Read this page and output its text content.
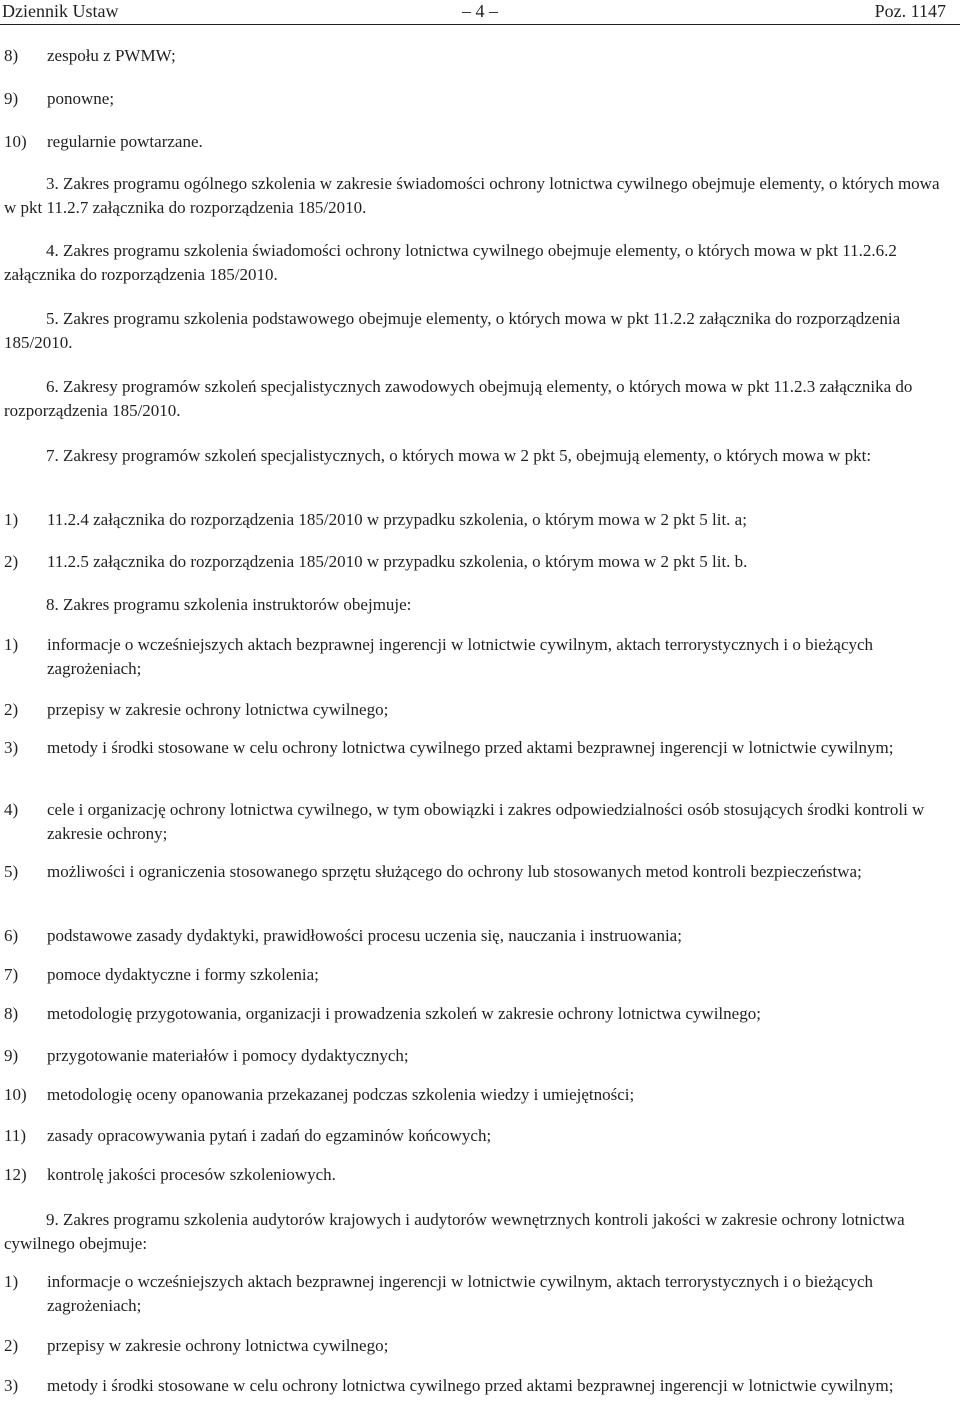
– 4 –
Dziennik Ustaw	Poz. 1147
8) zespołu z PWMW;
9) ponowne;
10) regularnie powtarzane.
3. Zakres programu ogólnego szkolenia w zakresie świadomości ochrony lotnictwa cywilnego obejmuje elementy, o których mowa w pkt 11.2.7 załącznika do rozporządzenia 185/2010.
4. Zakres programu szkolenia świadomości ochrony lotnictwa cywilnego obejmuje elementy, o których mowa w pkt 11.2.6.2 załącznika do rozporządzenia 185/2010.
5. Zakres programu szkolenia podstawowego obejmuje elementy, o których mowa w pkt 11.2.2 załącznika do rozporządzenia 185/2010.
6. Zakresy programów szkoleń specjalistycznych zawodowych obejmują elementy, o których mowa w pkt 11.2.3 załącznika do rozporządzenia 185/2010.
7. Zakresy programów szkoleń specjalistycznych, o których mowa w 2 pkt 5, obejmują elementy, o których mowa w pkt:
1) 11.2.4 załącznika do rozporządzenia 185/2010 w przypadku szkolenia, o którym mowa w 2 pkt 5 lit. a;
2) 11.2.5 załącznika do rozporządzenia 185/2010 w przypadku szkolenia, o którym mowa w 2 pkt 5 lit. b.
8. Zakres programu szkolenia instruktorów obejmuje:
1) informacje o wcześniejszych aktach bezprawnej ingerencji w lotnictwie cywilnym, aktach terrorystycznych i o bieżących zagrożeniach;
2) przepisy w zakresie ochrony lotnictwa cywilnego;
3) metody i środki stosowane w celu ochrony lotnictwa cywilnego przed aktami bezprawnej ingerencji w lotnictwie cywilnym;
4) cele i organizację ochrony lotnictwa cywilnego, w tym obowiązki i zakres odpowiedzialności osób stosujących środki kontroli w zakresie ochrony;
5) możliwości i ograniczenia stosowanego sprzętu służącego do ochrony lub stosowanych metod kontroli bezpieczeństwa;
6) podstawowe zasady dydaktyki, prawidłowości procesu uczenia się, nauczania i instruowania;
7) pomoce dydaktyczne i formy szkolenia;
8) metodologię przygotowania, organizacji i prowadzenia szkoleń w zakresie ochrony lotnictwa cywilnego;
9) przygotowanie materiałów i pomocy dydaktycznych;
10) metodologię oceny opanowania przekazanej podczas szkolenia wiedzy i umiejętności;
11) zasady opracowywania pytań i zadań do egzaminów końcowych;
12) kontrolę jakości procesów szkoleniowych.
9. Zakres programu szkolenia audytorów krajowych i audytorów wewnętrznych kontroli jakości w zakresie ochrony lotnictwa cywilnego obejmuje:
1) informacje o wcześniejszych aktach bezprawnej ingerencji w lotnictwie cywilnym, aktach terrorystycznych i o bieżących zagrożeniach;
2) przepisy w zakresie ochrony lotnictwa cywilnego;
3) metody i środki stosowane w celu ochrony lotnictwa cywilnego przed aktami bezprawnej ingerencji w lotnictwie cywilnym;
